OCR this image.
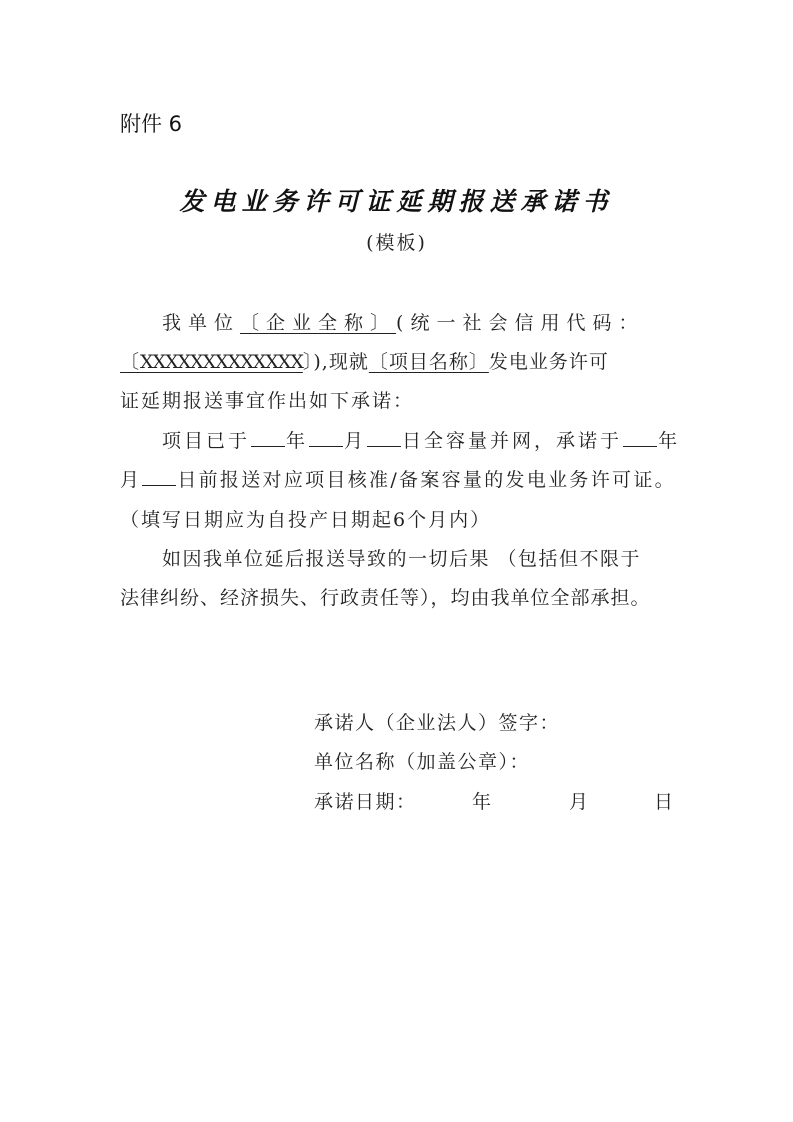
附件 6
发电业务许可证延期报送承诺书
(模板)
我单位〔企业全称〕(统一社会信用代码：
〔XXXXXXXXXXXXX〕),现就〔项目名称〕发电业务许可
证延期报送事宜作出如下承诺：
项目已于 年 月 日全容量并网，承诺于 年
月 日前报送对应项目核准/备案容量的发电业务许可证。
（填写日期应为自投产日期起6个月内）
如因我单位延后报送导致的一切后果 （包括但不限于
法律纠纷、经济损失、行政责任等），均由我单位全部承担。
承诺人（企业法人）签字：
单位名称（加盖公章）：
承诺日期：	年	月	日
